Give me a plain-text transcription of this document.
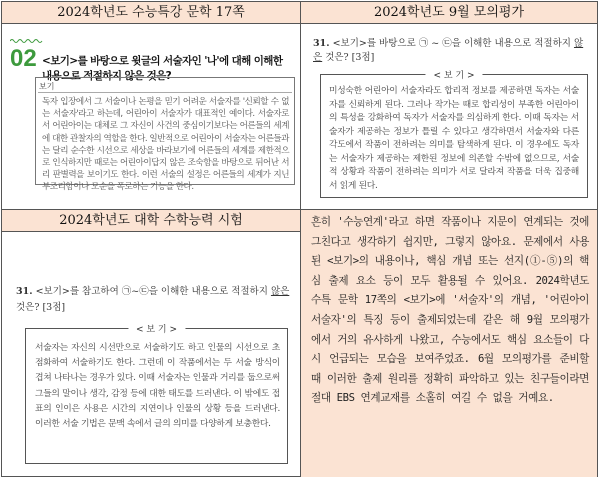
2024학년도 수능특강 문학 17쪽
02 <보기>를 바탕으로 윗글의 서술자인 '나'에 대해 이해한 내용으로 적절하지 않은 것은?
보기
독자 입장에서 그 서술이나 논평을 믿기 어려운 서술자를 '신뢰할 수 없는 서술자'라고 하는데, 어린아이 서술자가 대표적인 예이다. 서술자로서 어린아이는 대체로 그 자신이 사건의 중심이기보다는 어른들의 세계에 대한 관찰자의 역할을 한다. 일반적으로 어린아이 서술자는 어른들과는 달리 순수한 시선으로 세상을 바라보기에 어른들의 세계를 제한적으로 인식하지만 때로는 어린아이답지 않은 조숙함을 바탕으로 뒤어난 서리 판별력을 보이기도 한다. 이런 서술의 설정은 어른들의 세계가 지닌 부조리함이나 모순을 폭로하는 기능을 한다.
2024학년도 9월 모의평가
31. <보기>를 바탕으로 ㉠ ~ ㉢을 이해한 내용으로 적절하지 않은 것은? [3점]
< 보 기 >
미성숙한 어린아이 서술자라도 합리적 정보를 제공하면 독자는 서술자를 신뢰하게 된다. 그러나 작가는 때로 합리성이 부족한 어린아이의 특성을 강화하여 독자가 서술자를 의심하게 한다. 이때 독자는 서술자가 제공하는 정보가 틀릴 수 있다고 생각하면서 서술자와 다른 각도에서 작품이 전하려는 의미를 탐색하게 된다. 이 경우에도 독자는 서술자가 제공하는 제한된 정보에 의존할 수밖에 없으므로, 서술적 상황과 작품이 전하려는 의미가 서로 달라져 작품을 더욱 집중해서 읽게 된다.
2024학년도 대학 수학능력 시험
31. <보기>를 참고하여 ㉠~㉢을 이해한 내용으로 적절하지 않은 것은? [3점]
< 보 기 >
서술자는 자신의 시선만으로 서술하기도 하고 인물의 시선으로 초점화하여 서술하기도 한다. 그런데 이 작품에서는 두 서술 방식이 겹쳐 나타나는 경우가 있다. 이때 서술자는 인물과 거리를 둡으로써 그들의 말이나 생각, 감정 등에 대한 태도를 드러낸다. 이 밖에도 접표의 인이은 사용은 시간의 지연이나 인물의 상황 등을 드러낸다. 이러한 서술 기법은 문맥 속에서 글의 의미를 다양하게 보충한다.
흔히 '수능연계'라고 하면 작품이나 지문이 연계되는 것에 그친다고 생각하기 쉽지만, 그렇지 않아요. 문제에서 사용된 <보기>의 내용이나, 핵심 개념 또는 선지(①-⑤)의 핵심 출제 요소 등이 모두 활용될 수 있어요. 2024학년도 수특 문학 17쪽의 <보기>에 '서술자'의 개념, '어린아이 서술자'의 특징 등이 출제되었는데 같은 해 9월 모의평가에서 거의 유사하게 나왔고, 수능에서도 핵심 요소들이 다시 언급되는 모습을 보여주었죠. 6월 모의평가를 준비할 때 이러한 출제 원리를 정확히 파악하고 있는 친구들이라면 절대 EBS 연계교재를 소홀히 여길 수 없을 거예요.
